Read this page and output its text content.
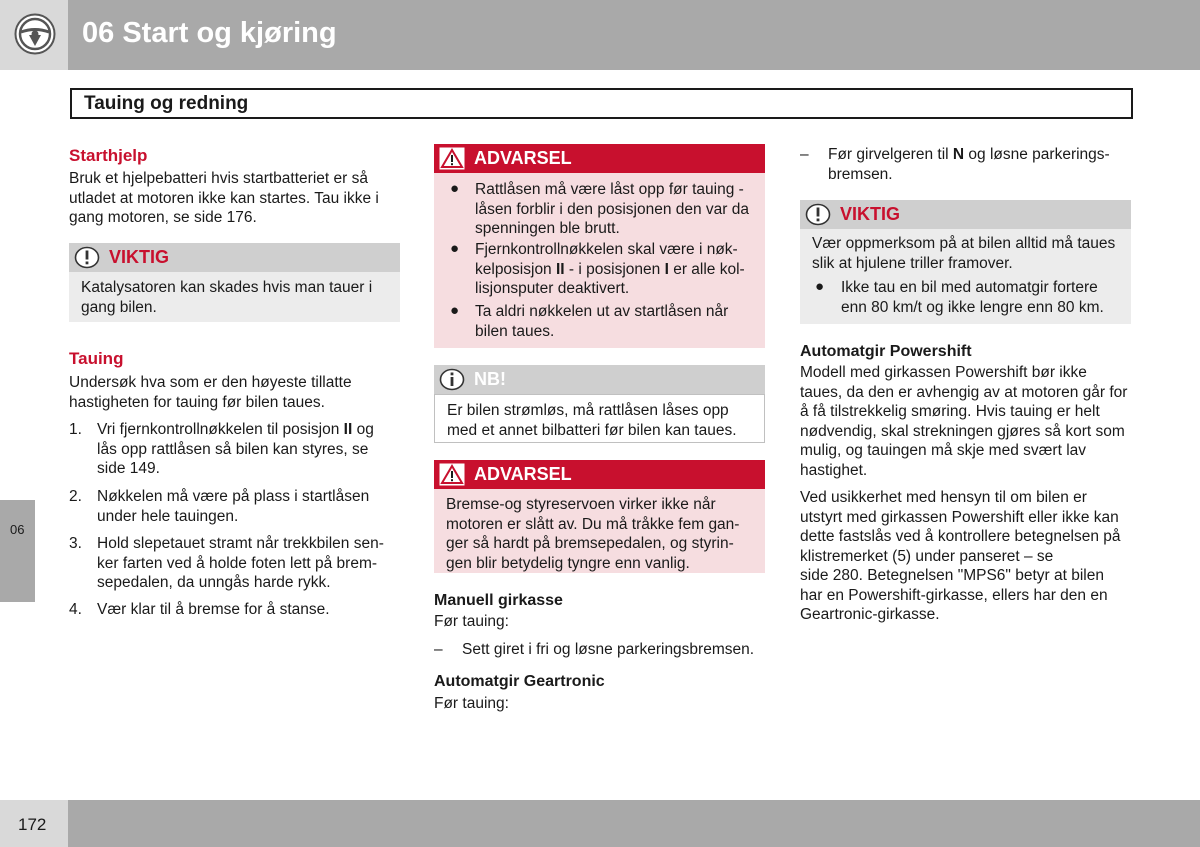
06 Start og kjøring
Tauing og redning
06
172
Starthjelp
Bruk et hjelpebatteri hvis startbatteriet er så
utladet at motoren ikke kan startes. Tau ikke i
gang motoren, se side 176.
VIKTIG
Katalysatoren kan skades hvis man tauer i
gang bilen.
Tauing
Undersøk hva som er den høyeste tillatte
hastigheten for tauing før bilen taues.
1. Vri fjernkontrollnøkkelen til posisjon II og
lås opp rattlåsen så bilen kan styres, se
side 149.
2. Nøkkelen må være på plass i startlåsen
under hele tauingen.
3. Hold slepetauet stramt når trekkbilen sen-
ker farten ved å holde foten lett på brem-
sepedalen, da unngås harde rykk.
4. Vær klar til å bremse for å stanse.
ADVARSEL
● Rattlåsen må være låst opp før tauing -
låsen forblir i den posisjonen den var da
spenningen ble brutt.
● Fjernkontrollnøkkelen skal være i nøk-
kelposisjon II - i posisjonen I er alle kol-
lisjonsputer deaktivert.
● Ta aldri nøkkelen ut av startlåsen når
bilen taues.
NB!
Er bilen strømløs, må rattlåsen låses opp
med et annet bilbatteri før bilen kan taues.
ADVARSEL
Bremse-og styreservoen virker ikke når
motoren er slått av. Du må tråkke fem gan-
ger så hardt på bremsepedalen, og styrin-
gen blir betydelig tyngre enn vanlig.
Manuell girkasse
Før tauing:
– Sett giret i fri og løsne parkeringsbremsen.
Automatgir Geartronic
Før tauing:
– Før girvelgeren til N og løsne parkerings-
bremsen.
VIKTIG
Vær oppmerksom på at bilen alltid må taues
slik at hjulene triller framover.
● Ikke tau en bil med automatgir fortere
enn 80 km/t og ikke lengre enn 80 km.
Automatgir Powershift
Modell med girkassen Powershift bør ikke
taues, da den er avhengig av at motoren går for
å få tilstrekkelig smøring. Hvis tauing er helt
nødvendig, skal strekningen gjøres så kort som
mulig, og tauingen må skje med svært lav
hastighet.
Ved usikkerhet med hensyn til om bilen er
utstyrt med girkassen Powershift eller ikke kan
dette fastslås ved å kontrollere betegnelsen på
klistremerket (5) under panseret – se
side 280. Betegnelsen "MPS6" betyr at bilen
har en Powershift-girkasse, ellers har den en
Geartronic-girkasse.
